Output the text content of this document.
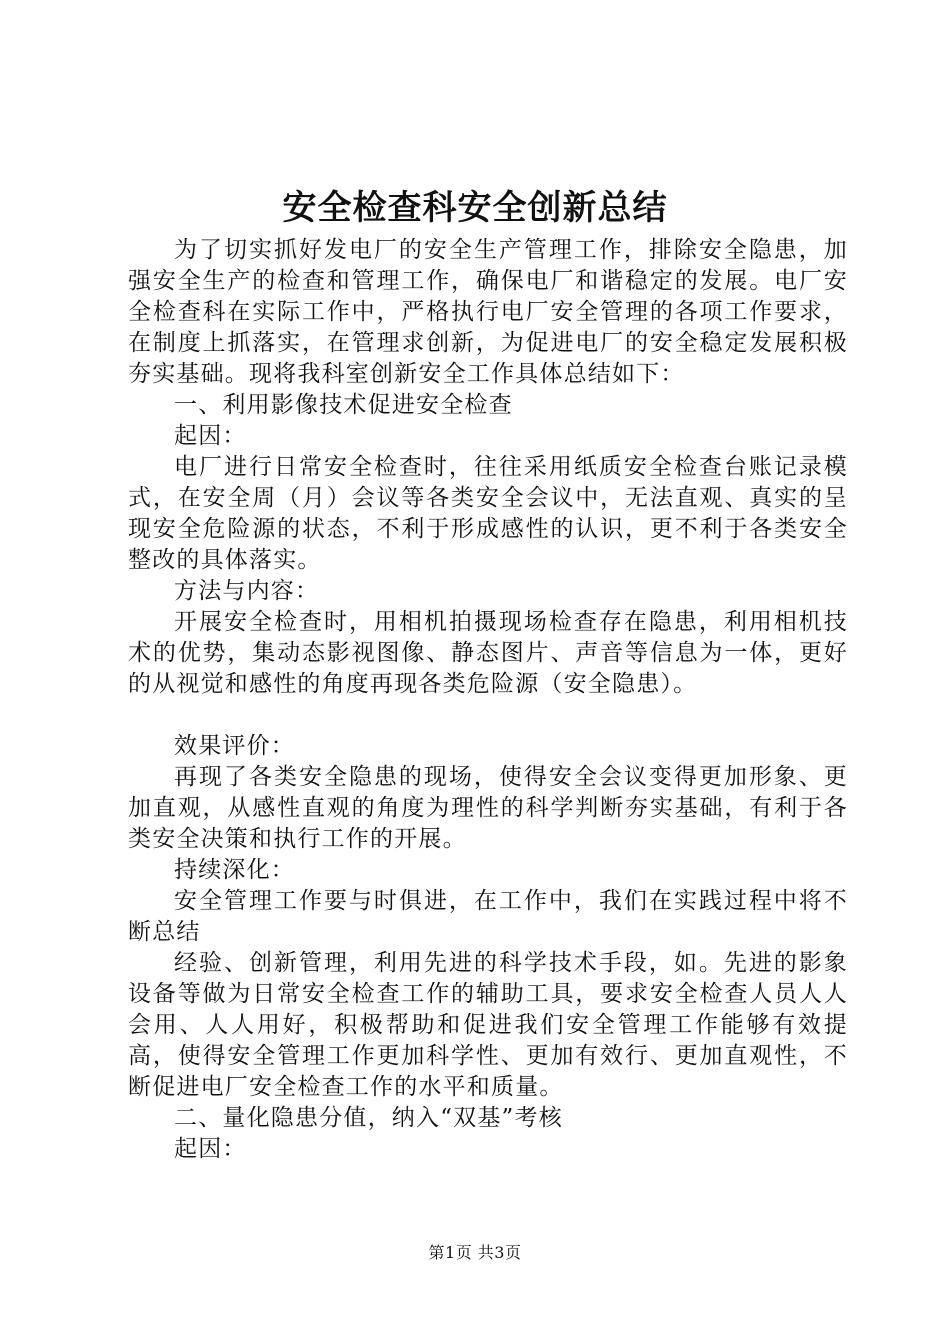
安全检查科安全创新总结

为了切实抓好发电厂的安全生产管理工作，排除安全隐患，加强安全生产的检查和管理工作，确保电厂和谐稳定的发展。电厂安全检查科在实际工作中，严格执行电厂安全管理的各项工作要求，在制度上抓落实，在管理求创新，为促进电厂的安全稳定发展积极夯实基础。现将我科室创新安全工作具体总结如下：

一、利用影像技术促进安全检查

起因：

电厂进行日常安全检查时，往往采用纸质安全检查台账记录模式，在安全周（月）会议等各类安全会议中，无法直观、真实的呈现安全危险源的状态，不利于形成感性的认识，更不利于各类安全整改的具体落实。

方法与内容：

开展安全检查时，用相机拍摄现场检查存在隐患，利用相机技术的优势，集动态影视图像、静态图片、声音等信息为一体，更好的从视觉和感性的角度再现各类危险源（安全隐患）。

效果评价：

再现了各类安全隐患的现场，使得安全会议变得更加形象、更加直观，从感性直观的角度为理性的科学判断夯实基础，有利于各类安全决策和执行工作的开展。

持续深化：

安全管理工作要与时俱进，在工作中，我们在实践过程中将不断总结

经验、创新管理，利用先进的科学技术手段，如。先进的影象设备等做为日常安全检查工作的辅助工具，要求安全检查人员人人会用、人人用好，积极帮助和促进我们安全管理工作能够有效提高，使得安全管理工作更加科学性、更加有效行、更加直观性，不断促进电厂安全检查工作的水平和质量。

二、量化隐患分值，纳入“双基”考核

起因：

第1页 共3页
